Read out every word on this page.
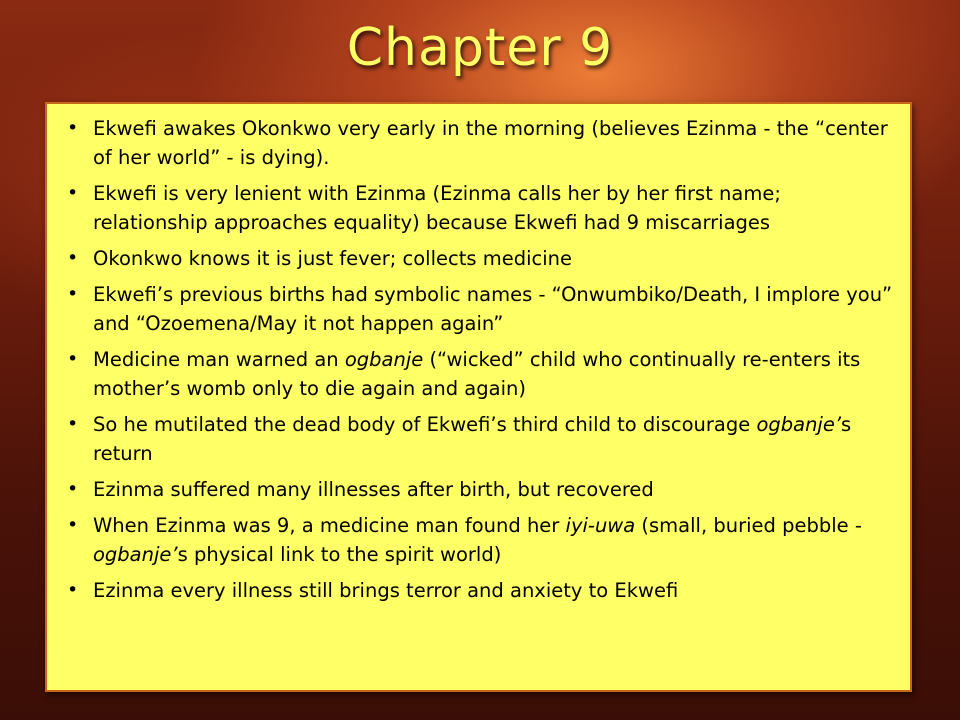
Chapter 9
• Ekwefi awakes Okonkwo very early in the morning (believes Ezinma - the “center of her world” - is dying).
• Ekwefi is very lenient with Ezinma (Ezinma calls her by her first name; relationship approaches equality) because Ekwefi had 9 miscarriages
• Okonkwo knows it is just fever; collects medicine
• Ekwefi’s previous births had symbolic names - “Onwumbiko/Death, I implore you” and “Ozoemena/May it not happen again”
• Medicine man warned an ogbanje (“wicked” child who continually re-enters its mother’s womb only to die again and again)
• So he mutilated the dead body of Ekwefi’s third child to discourage ogbanje’s return
• Ezinma suffered many illnesses after birth, but recovered
• When Ezinma was 9, a medicine man found her iyi-uwa (small, buried pebble - ogbanje’s physical link to the spirit world)
• Ezinma every illness still brings terror and anxiety to Ekwefi
